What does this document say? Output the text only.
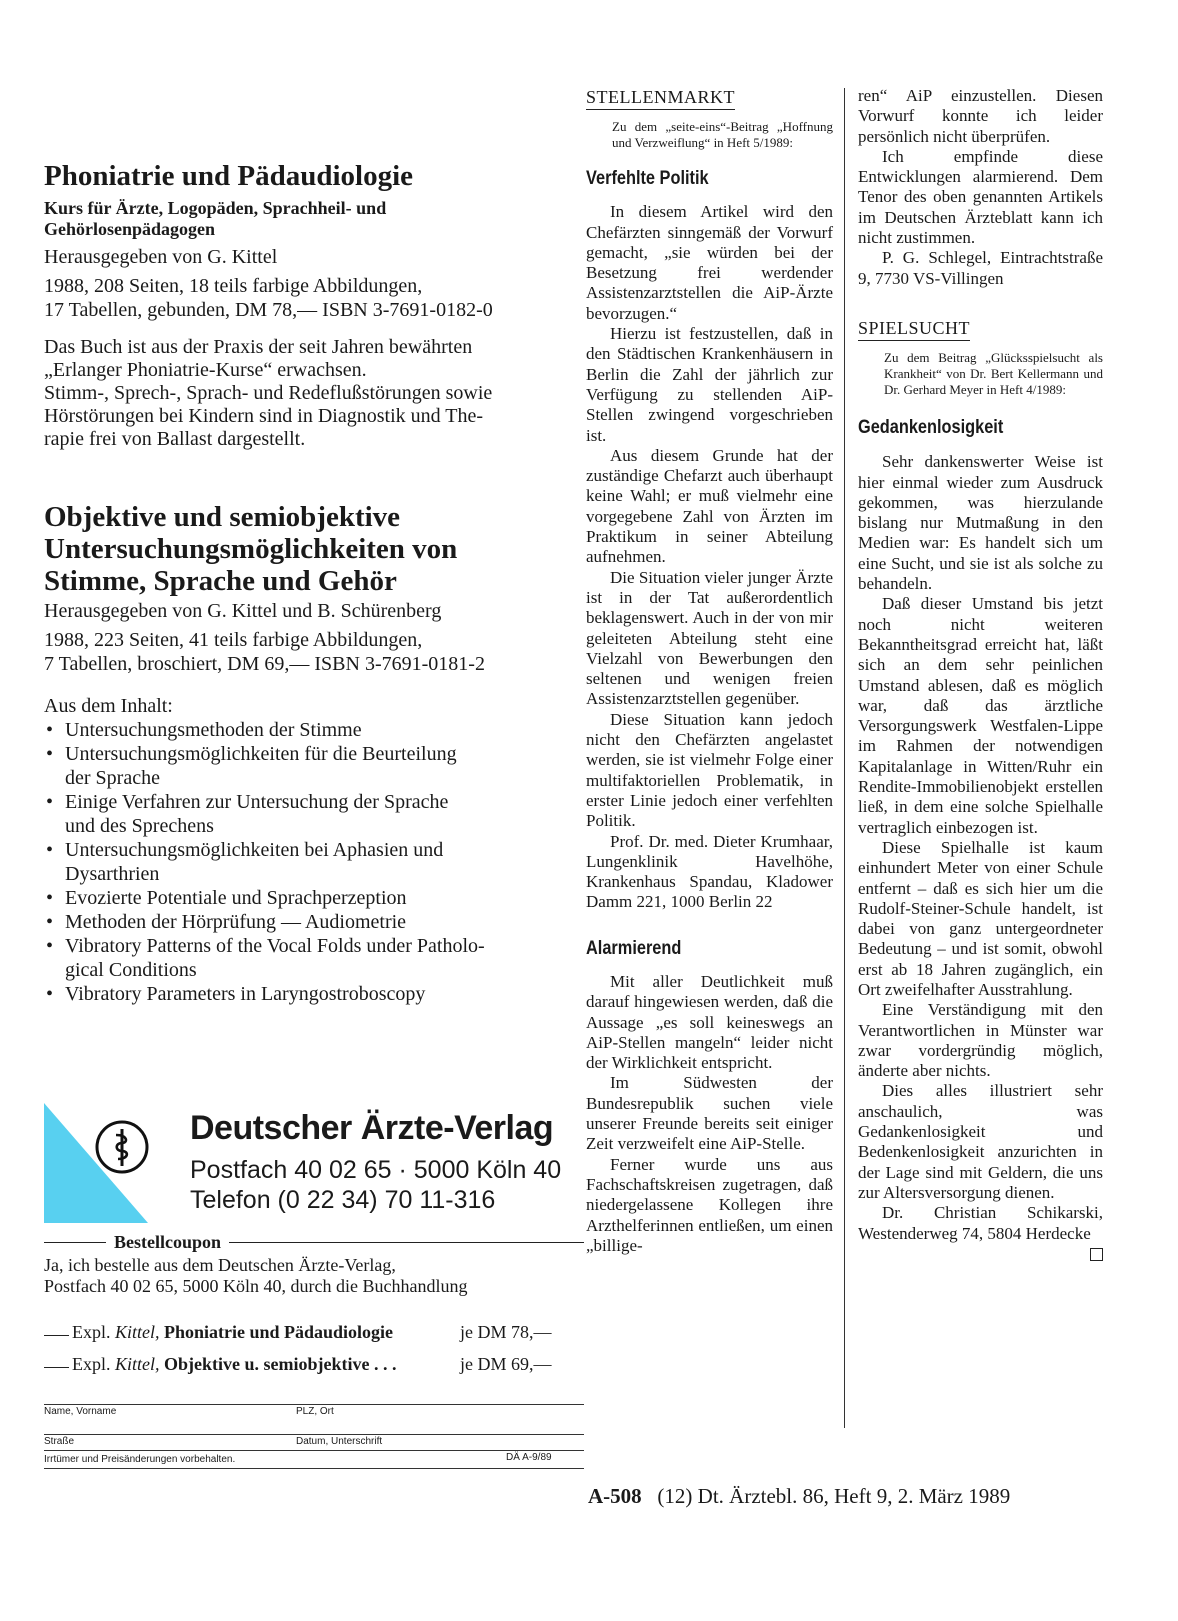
Phoniatrie und Pädaudiologie
Kurs für Ärzte, Logopäden, Sprachheil- und
Gehörlosenpädagogen
Herausgegeben von G. Kittel
1988, 208 Seiten, 18 teils farbige Abbildungen,
17 Tabellen, gebunden, DM 78,— ISBN 3-7691-0182-0
Das Buch ist aus der Praxis der seit Jahren bewährten
„Erlanger Phoniatrie-Kurse“ erwachsen.
Stimm-, Sprech-, Sprach- und Redeflußstörungen sowie
Hörstörungen bei Kindern sind in Diagnostik und The-
rapie frei von Ballast dargestellt.
Objektive und semiobjektive
Untersuchungsmöglichkeiten von
Stimme, Sprache und Gehör
Herausgegeben von G. Kittel und B. Schürenberg
1988, 223 Seiten, 41 teils farbige Abbildungen,
7 Tabellen, broschiert, DM 69,— ISBN 3-7691-0181-2
Aus dem Inhalt:
• Untersuchungsmethoden der Stimme
• Untersuchungsmöglichkeiten für die Beurteilung
der Sprache
• Einige Verfahren zur Untersuchung der Sprache
und des Sprechens
• Untersuchungsmöglichkeiten bei Aphasien und
Dysarthrien
• Evozierte Potentiale und Sprachperzeption
• Methoden der Hörprüfung — Audiometrie
• Vibratory Patterns of the Vocal Folds under Patholo-
gical Conditions
• Vibratory Parameters in Laryngostroboscopy
Deutscher Ärzte-Verlag
Postfach 40 02 65 · 5000 Köln 40
Telefon (0 22 34) 70 11-316
Bestellcoupon
Ja, ich bestelle aus dem Deutschen Ärzte-Verlag,
Postfach 40 02 65, 5000 Köln 40, durch die Buchhandlung
Expl. Kittel, Phoniatrie und Pädaudiologie	je DM 78,—
Expl. Kittel, Objektive u. semiobjektive . . .	je DM 69,—
Name, Vorname	PLZ, Ort
Straße	Datum, Unterschrift
Irrtümer und Preisänderungen vorbehalten.	DÄ A-9/89
STELLENMARKT
Zu dem „seite-eins“-Beitrag „Hoffnung und Verzweiflung“ in Heft 5/1989:
Verfehlte Politik

In diesem Artikel wird den Chefärzten sinngemäß der Vorwurf gemacht, „sie würden bei der Besetzung frei werdender Assistenzarztstellen die AiP-Ärzte bevorzugen.“

Hierzu ist festzustellen, daß in den Städtischen Krankenhäusern in Berlin die Zahl der jährlich zur Verfügung zu stellenden AiP-Stellen zwingend vorgeschrieben ist.

Aus diesem Grunde hat der zuständige Chefarzt auch überhaupt keine Wahl; er muß vielmehr eine vorgegebene Zahl von Ärzten im Praktikum in seiner Abteilung aufnehmen.

Die Situation vieler junger Ärzte ist in der Tat außerordentlich beklagenswert. Auch in der von mir geleiteten Abteilung steht eine Vielzahl von Bewerbungen den seltenen und wenigen freien Assistenzarztstellen gegenüber.

Diese Situation kann jedoch nicht den Chefärzten angelastet werden, sie ist vielmehr Folge einer multifaktoriellen Problematik, in erster Linie jedoch einer verfehlten Politik.

Prof. Dr. med. Dieter Krumhaar, Lungenklinik Havelhöhe, Krankenhaus Spandau, Kladower Damm 221, 1000 Berlin 22

Alarmierend

Mit aller Deutlichkeit muß darauf hingewiesen werden, daß die Aussage „es soll keineswegs an AiP-Stellen mangeln“ leider nicht der Wirklichkeit entspricht.

Im Südwesten der Bundesrepublik suchen viele unserer Freunde bereits seit einiger Zeit verzweifelt eine AiP-Stelle.

Ferner wurde uns aus Fachschaftskreisen zugetragen, daß niedergelassene Kollegen ihre Arzthelferinnen entließen, um einen „billige-

ren“ AiP einzustellen. Diesen Vorwurf konnte ich leider persönlich nicht überprüfen.

Ich empfinde diese Entwicklungen alarmierend. Dem Tenor des oben genannten Artikels im Deutschen Ärzteblatt kann ich nicht zustimmen.

P. G. Schlegel, Eintrachtstraße 9, 7730 VS-Villingen

SPIELSUCHT
Zu dem Beitrag „Glücksspielsucht als Krankheit“ von Dr. Bert Kellermann und Dr. Gerhard Meyer in Heft 4/1989:
Gedankenlosigkeit

Sehr dankenswerter Weise ist hier einmal wieder zum Ausdruck gekommen, was hierzulande bislang nur Mutmaßung in den Medien war: Es handelt sich um eine Sucht, und sie ist als solche zu behandeln.

Daß dieser Umstand bis jetzt noch nicht weiteren Bekanntheitsgrad erreicht hat, läßt sich an dem sehr peinlichen Umstand ablesen, daß es möglich war, daß das ärztliche Versorgungswerk Westfalen-Lippe im Rahmen der notwendigen Kapitalanlage in Witten/Ruhr ein Rendite-Immobilienobjekt erstellen ließ, in dem eine solche Spielhalle vertraglich einbezogen ist.

Diese Spielhalle ist kaum einhundert Meter von einer Schule entfernt – daß es sich hier um die Rudolf-Steiner-Schule handelt, ist dabei von ganz untergeordneter Bedeutung – und ist somit, obwohl erst ab 18 Jahren zugänglich, ein Ort zweifelhafter Ausstrahlung.

Eine Verständigung mit den Verantwortlichen in Münster war zwar vordergründig möglich, änderte aber nichts.

Dies alles illustriert sehr anschaulich, was Gedankenlosigkeit und Bedenkenlosigkeit anzurichten in der Lage sind mit Geldern, die uns zur Altersversorgung dienen.

Dr. Christian Schikarski, Westenderweg 74, 5804 Herdecke

A-508 (12) Dt. Ärztebl. 86, Heft 9, 2. März 1989
